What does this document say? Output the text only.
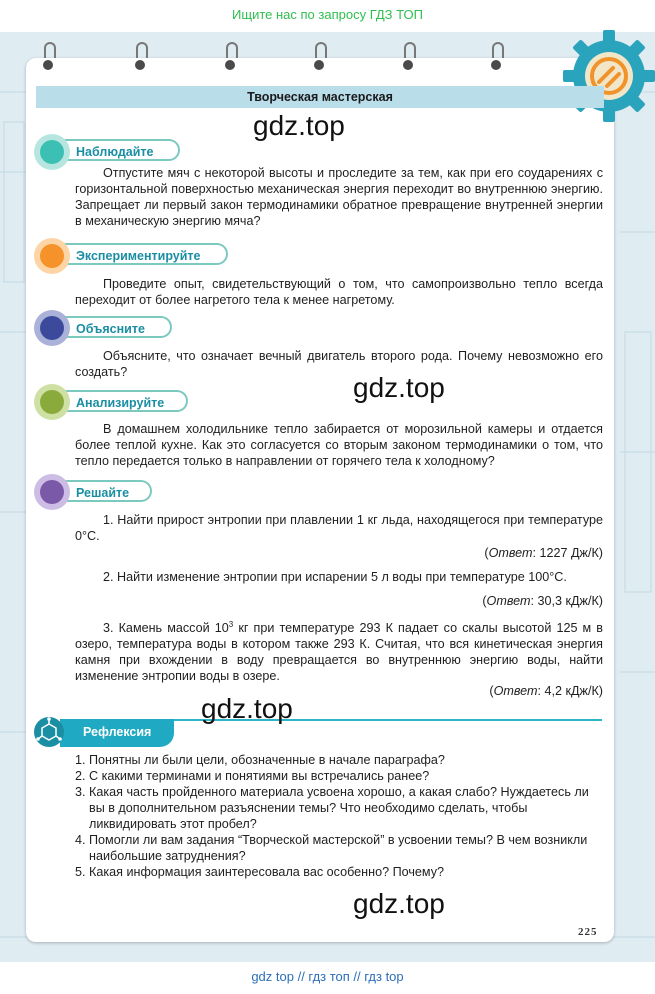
Ищите нас по запросу ГДЗ ТОП
Творческая мастерская
gdz.top
Наблюдайте
Отпустите мяч с некоторой высоты и проследите за тем, как при его соударениях с горизонтальной поверхностью механическая энергия переходит во внутреннюю энергию. Запрещает ли первый закон термодинамики обратное превращение внутренней энергии в механическую энергию мяча?
Экспериментируйте
Проведите опыт, свидетельствующий о том, что самопроизвольно тепло всегда переходит от более нагретого тела к менее нагретому.
Объясните
Объясните, что означает вечный двигатель второго рода. Почему невозможно его создать?	gdz.top
Анализируйте
В домашнем холодильнике тепло забирается от морозильной камеры и отдается более теплой кухне. Как это согласуется со вторым законом термодинамики о том, что тепло передается только в направлении от горячего тела к холодному?
Решайте
1. Найти прирост энтропии при плавлении 1 кг льда, находящегося при температуре 0°С.
(Ответ: 1227 Дж/К)
2. Найти изменение энтропии при испарении 5 л воды при температуре 100°С.
(Ответ: 30,3 кДж/К)
3. Камень массой $10^3$ кг при температуре 293 К падает со скалы высотой 125 м в озеро, температура воды в котором также 293 К. Считая, что вся кинетическая энергия камня при вхождении в воду превращается во внутреннюю энергию воды, найти изменение энтропии воды в озере.
(Ответ: 4,2 кДж/К)
Рефлексия
gdz.top
1. Понятны ли были цели, обозначенные в начале параграфа?
2. С какими терминами и понятиями вы встречались ранее?
3. Какая часть пройденного материала усвоена хорошо, а какая слабо? Нуждаетесь ли вы в дополнительном разъяснении темы? Что необходимо сделать, чтобы ликвидировать этот пробел?
4. Помогли ли вам задания “Творческой мастерской” в усвоении темы? В чем возникли наибольшие затруднения?
5. Какая информация заинтересовала вас особенно? Почему?
gdz.top
225
gdz top // гдз топ // гдз top
